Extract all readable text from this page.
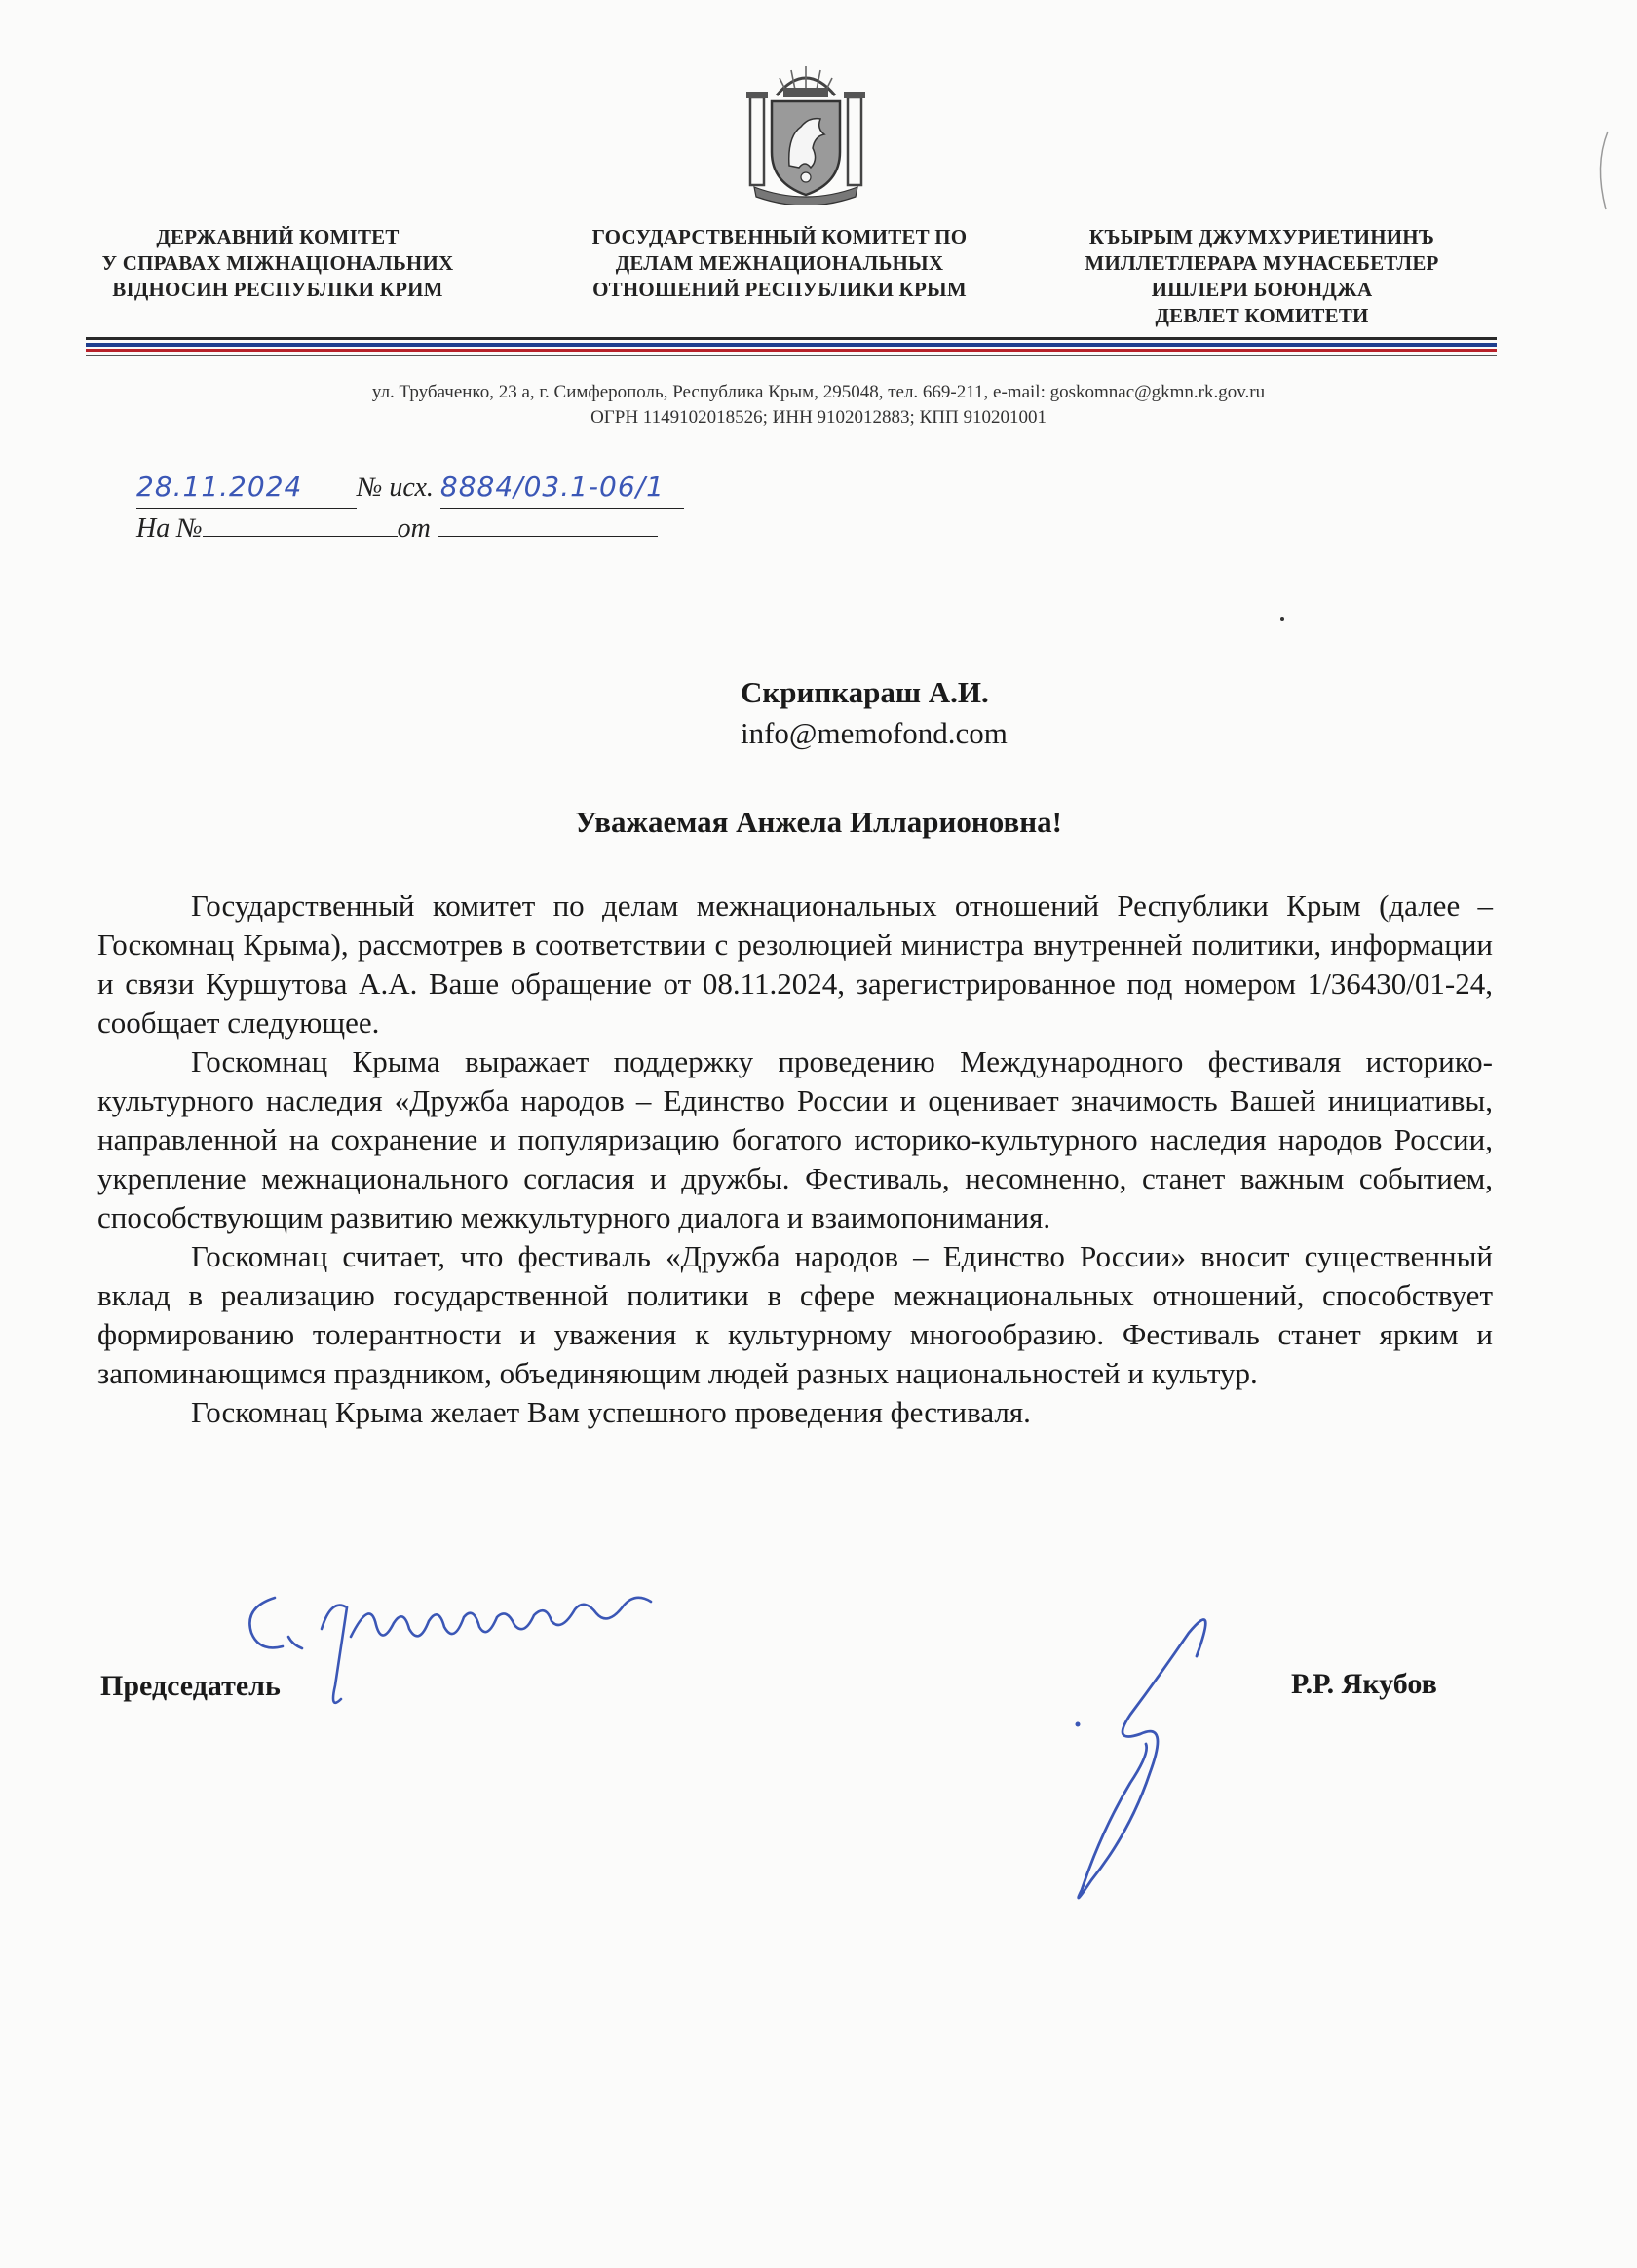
ДЕРЖАВНИЙ КОМІТЕТ
У СПРАВАХ МІЖНАЦІОНАЛЬНИХ
ВІДНОСИН РЕСПУБЛІКИ КРИМ
ГОСУДАРСТВЕННЫЙ КОМИТЕТ ПО
ДЕЛАМ МЕЖНАЦИОНАЛЬНЫХ
ОТНОШЕНИЙ РЕСПУБЛИКИ КРЫМ
КЪЫРЫМ ДЖУМХУРИЕТИНИНЪ
МИЛЛЕТЛЕРАРА МУНАСЕБЕТЛЕР
ИШЛЕРИ БОЮНДЖА
ДЕВЛЕТ КОМИТЕТИ
ул. Трубаченко, 23 а, г. Симферополь, Республика Крым, 295048, тел. 669-211, e-mail: goskomnac@gkmn.rk.gov.ru
ОГРН 1149102018526; ИНН 9102012883; КПП 910201001
28.11.2024 № исх. 8884/03.1-06/1
На №	от
Скрипкараш А.И.
info@memofond.com
Уважаемая Анжела Илларионовна!

Государственный комитет по делам межнациональных отношений Республики Крым (далее – Госкомнац Крыма), рассмотрев в соответствии с резолюцией министра внутренней политики, информации и связи Куршутова А.А. Ваше обращение от 08.11.2024, зарегистрированное под номером 1/36430/01-24, сообщает следующее.

Госкомнац Крыма выражает поддержку проведению Международного фестиваля историко-культурного наследия «Дружба народов – Единство России и оценивает значимость Вашей инициативы, направленной на сохранение и популяризацию богатого историко-культурного наследия народов России, укрепление межнационального согласия и дружбы. Фестиваль, несомненно, станет важным событием, способствующим развитию межкультурного диалога и взаимопонимания.

Госкомнац считает, что фестиваль «Дружба народов – Единство России» вносит существенный вклад в реализацию государственной политики в сфере межнациональных отношений, способствует формированию толерантности и уважения к культурному многообразию. Фестиваль станет ярким и запоминающимся праздником, объединяющим людей разных национальностей и культур.

Госкомнац Крыма желает Вам успешного проведения фестиваля.

Председатель	Р.Р. Якубов
